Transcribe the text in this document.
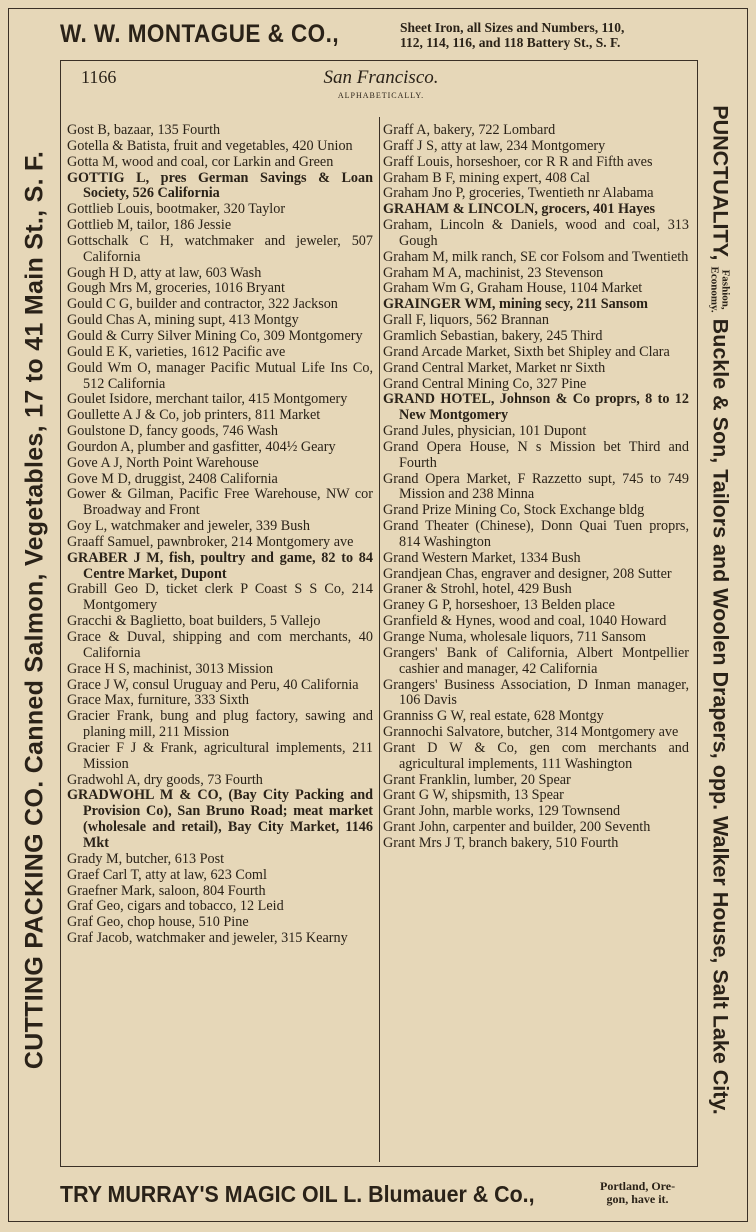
W. W. MONTAGUE & CO.,	Sheet Iron, all Sizes and Numbers, 110,
112, 114, 116, and 118 Battery St., S. F.
CUTTING PACKING CO. Canned Salmon, Vegetables, 17 to 41 Main St., S. F.	PUNCTUALITY,Fashion,
Economy.Buckle & Son, Tailors and Woolen Drapers, opp. Walker House, Salt Lake City.
1166	San Francisco.
ALPHABETICALLY.
Gost B, bazaar, 135 Fourth
Gotella & Batista, fruit and vegetables, 420 Union
Gotta M, wood and coal, cor Larkin and Green
GOTTIG L, pres German Savings & Loan Society, 526 California
Gottlieb Louis, bootmaker, 320 Taylor
Gottlieb M, tailor, 186 Jessie
Gottschalk C H, watchmaker and jeweler, 507 California
Gough H D, atty at law, 603 Wash
Gough Mrs M, groceries, 1016 Bryant
Gould C G, builder and contractor, 322 Jackson
Gould Chas A, mining supt, 413 Montgy
Gould & Curry Silver Mining Co, 309 Montgomery
Gould E K, varieties, 1612 Pacific ave
Gould Wm O, manager Pacific Mutual Life Ins Co, 512 California
Goulet Isidore, merchant tailor, 415 Montgomery
Goullette A J & Co, job printers, 811 Market
Goulstone D, fancy goods, 746 Wash
Gourdon A, plumber and gasfitter, 404½ Geary
Gove A J, North Point Warehouse
Gove M D, druggist, 2408 California
Gower & Gilman, Pacific Free Warehouse, NW cor Broadway and Front
Goy L, watchmaker and jeweler, 339 Bush
Graaff Samuel, pawnbroker, 214 Montgomery ave
GRABER J M, fish, poultry and game, 82 to 84 Centre Market, Dupont
Grabill Geo D, ticket clerk P Coast S S Co, 214 Montgomery
Gracchi & Baglietto, boat builders, 5 Vallejo
Grace & Duval, shipping and com merchants, 40 California
Grace H S, machinist, 3013 Mission
Grace J W, consul Uruguay and Peru, 40 California
Grace Max, furniture, 333 Sixth
Gracier Frank, bung and plug factory, sawing and planing mill, 211 Mission
Gracier F J & Frank, agricultural implements, 211 Mission
Gradwohl A, dry goods, 73 Fourth
GRADWOHL M & CO, (Bay City Packing and Provision Co), San Bruno Road; meat market (wholesale and retail), Bay City Market, 1146 Mkt
Grady M, butcher, 613 Post
Graef Carl T, atty at law, 623 Coml
Graefner Mark, saloon, 804 Fourth
Graf Geo, cigars and tobacco, 12 Leid
Graf Geo, chop house, 510 Pine
Graf Jacob, watchmaker and jeweler, 315 Kearny
Graff A, bakery, 722 Lombard
Graff J S, atty at law, 234 Montgomery
Graff Louis, horseshoer, cor R R and Fifth aves
Graham B F, mining expert, 408 Cal
Graham Jno P, groceries, Twentieth nr Alabama
GRAHAM & LINCOLN, grocers, 401 Hayes
Graham, Lincoln & Daniels, wood and coal, 313 Gough
Graham M, milk ranch, SE cor Folsom and Twentieth
Graham M A, machinist, 23 Stevenson
Graham Wm G, Graham House, 1104 Market
GRAINGER WM, mining secy, 211 Sansom
Grall F, liquors, 562 Brannan
Gramlich Sebastian, bakery, 245 Third
Grand Arcade Market, Sixth bet Shipley and Clara
Grand Central Market, Market nr Sixth
Grand Central Mining Co, 327 Pine
GRAND HOTEL, Johnson & Co proprs, 8 to 12 New Montgomery
Grand Jules, physician, 101 Dupont
Grand Opera House, N s Mission bet Third and Fourth
Grand Opera Market, F Razzetto supt, 745 to 749 Mission and 238 Minna
Grand Prize Mining Co, Stock Exchange bldg
Grand Theater (Chinese), Donn Quai Tuen proprs, 814 Washington
Grand Western Market, 1334 Bush
Grandjean Chas, engraver and designer, 208 Sutter
Graner & Strohl, hotel, 429 Bush
Graney G P, horseshoer, 13 Belden place
Granfield & Hynes, wood and coal, 1040 Howard
Grange Numa, wholesale liquors, 711 Sansom
Grangers' Bank of California, Albert Montpellier cashier and manager, 42 California
Grangers' Business Association, D Inman manager, 106 Davis
Granniss G W, real estate, 628 Montgy
Grannochi Salvatore, butcher, 314 Montgomery ave
Grant D W & Co, gen com merchants and agricultural implements, 111 Washington
Grant Franklin, lumber, 20 Spear
Grant G W, shipsmith, 13 Spear
Grant John, marble works, 129 Townsend
Grant John, carpenter and builder, 200 Seventh
Grant Mrs J T, branch bakery, 510 Fourth
TRY MURRAY'S MAGIC OIL L. Blumauer & Co.,	Portland, Ore-
gon, have it.
